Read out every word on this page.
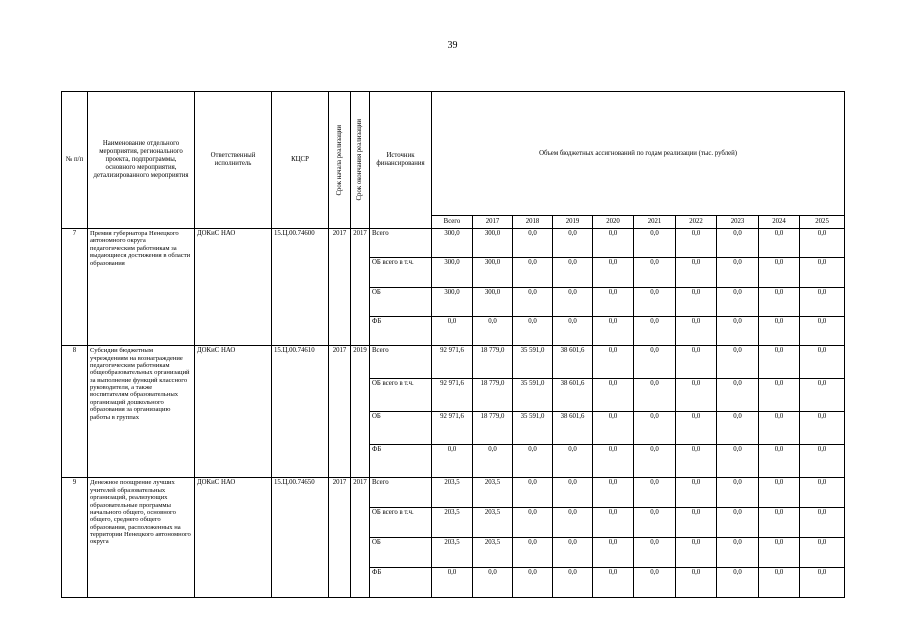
39
№ п/п	Наименование отдельного мероприятия, регионального проекта, подпрограммы, основного мероприятия, детализированного мероприятия	Ответственный исполнитель	КЦСР	Срок начала реализации	Срок окончания реализации	Источник финансирования	Объем бюджетных ассигнований по годам реализации (тыс. рублей)									
							Всего	2017	2018	2019	2020	2021	2022	2023	2024	2025
7	Премия губернатора Ненецкого автономного округа педагогическим работникам за выдающиеся достижения в области образования	ДОКиС НАО	15.Ц.00.74600	2017	2017	Всего	300,0	300,0	0,0	0,0	0,0	0,0	0,0	0,0	0,0	0,0
						ОБ всего в т.ч.	300,0	300,0	0,0	0,0	0,0	0,0	0,0	0,0	0,0	0,0
						ОБ	300,0	300,0	0,0	0,0	0,0	0,0	0,0	0,0	0,0	0,0
						ФБ	0,0	0,0	0,0	0,0	0,0	0,0	0,0	0,0	0,0	0,0
8	Субсидии бюджетным учреждениям на вознаграждение педагогическим работникам общеобразовательных организаций за выполнение функций классного руководителя, а также воспитателям образовательных организаций дошкольного образования за организацию работы в группах	ДОКиС НАО	15.Ц.00.74610	2017	2019	Всего	92 971,6	18 779,0	35 591,0	38 601,6	0,0	0,0	0,0	0,0	0,0	0,0
						ОБ всего в т.ч.	92 971,6	18 779,0	35 591,0	38 601,6	0,0	0,0	0,0	0,0	0,0	0,0
						ОБ	92 971,6	18 779,0	35 591,0	38 601,6	0,0	0,0	0,0	0,0	0,0	0,0
						ФБ	0,0	0,0	0,0	0,0	0,0	0,0	0,0	0,0	0,0	0,0
9	Денежное поощрение лучших учителей образовательных организаций, реализующих образовательные программы начального общего, основного общего, среднего общего образования, расположенных на территории Ненецкого автономного округа	ДОКиС НАО	15.Ц.00.74650	2017	2017	Всего	203,5	203,5	0,0	0,0	0,0	0,0	0,0	0,0	0,0	0,0
						ОБ всего в т.ч.	203,5	203,5	0,0	0,0	0,0	0,0	0,0	0,0	0,0	0,0
						ОБ	203,5	203,5	0,0	0,0	0,0	0,0	0,0	0,0	0,0	0,0
						ФБ	0,0	0,0	0,0	0,0	0,0	0,0	0,0	0,0	0,0	0,0
